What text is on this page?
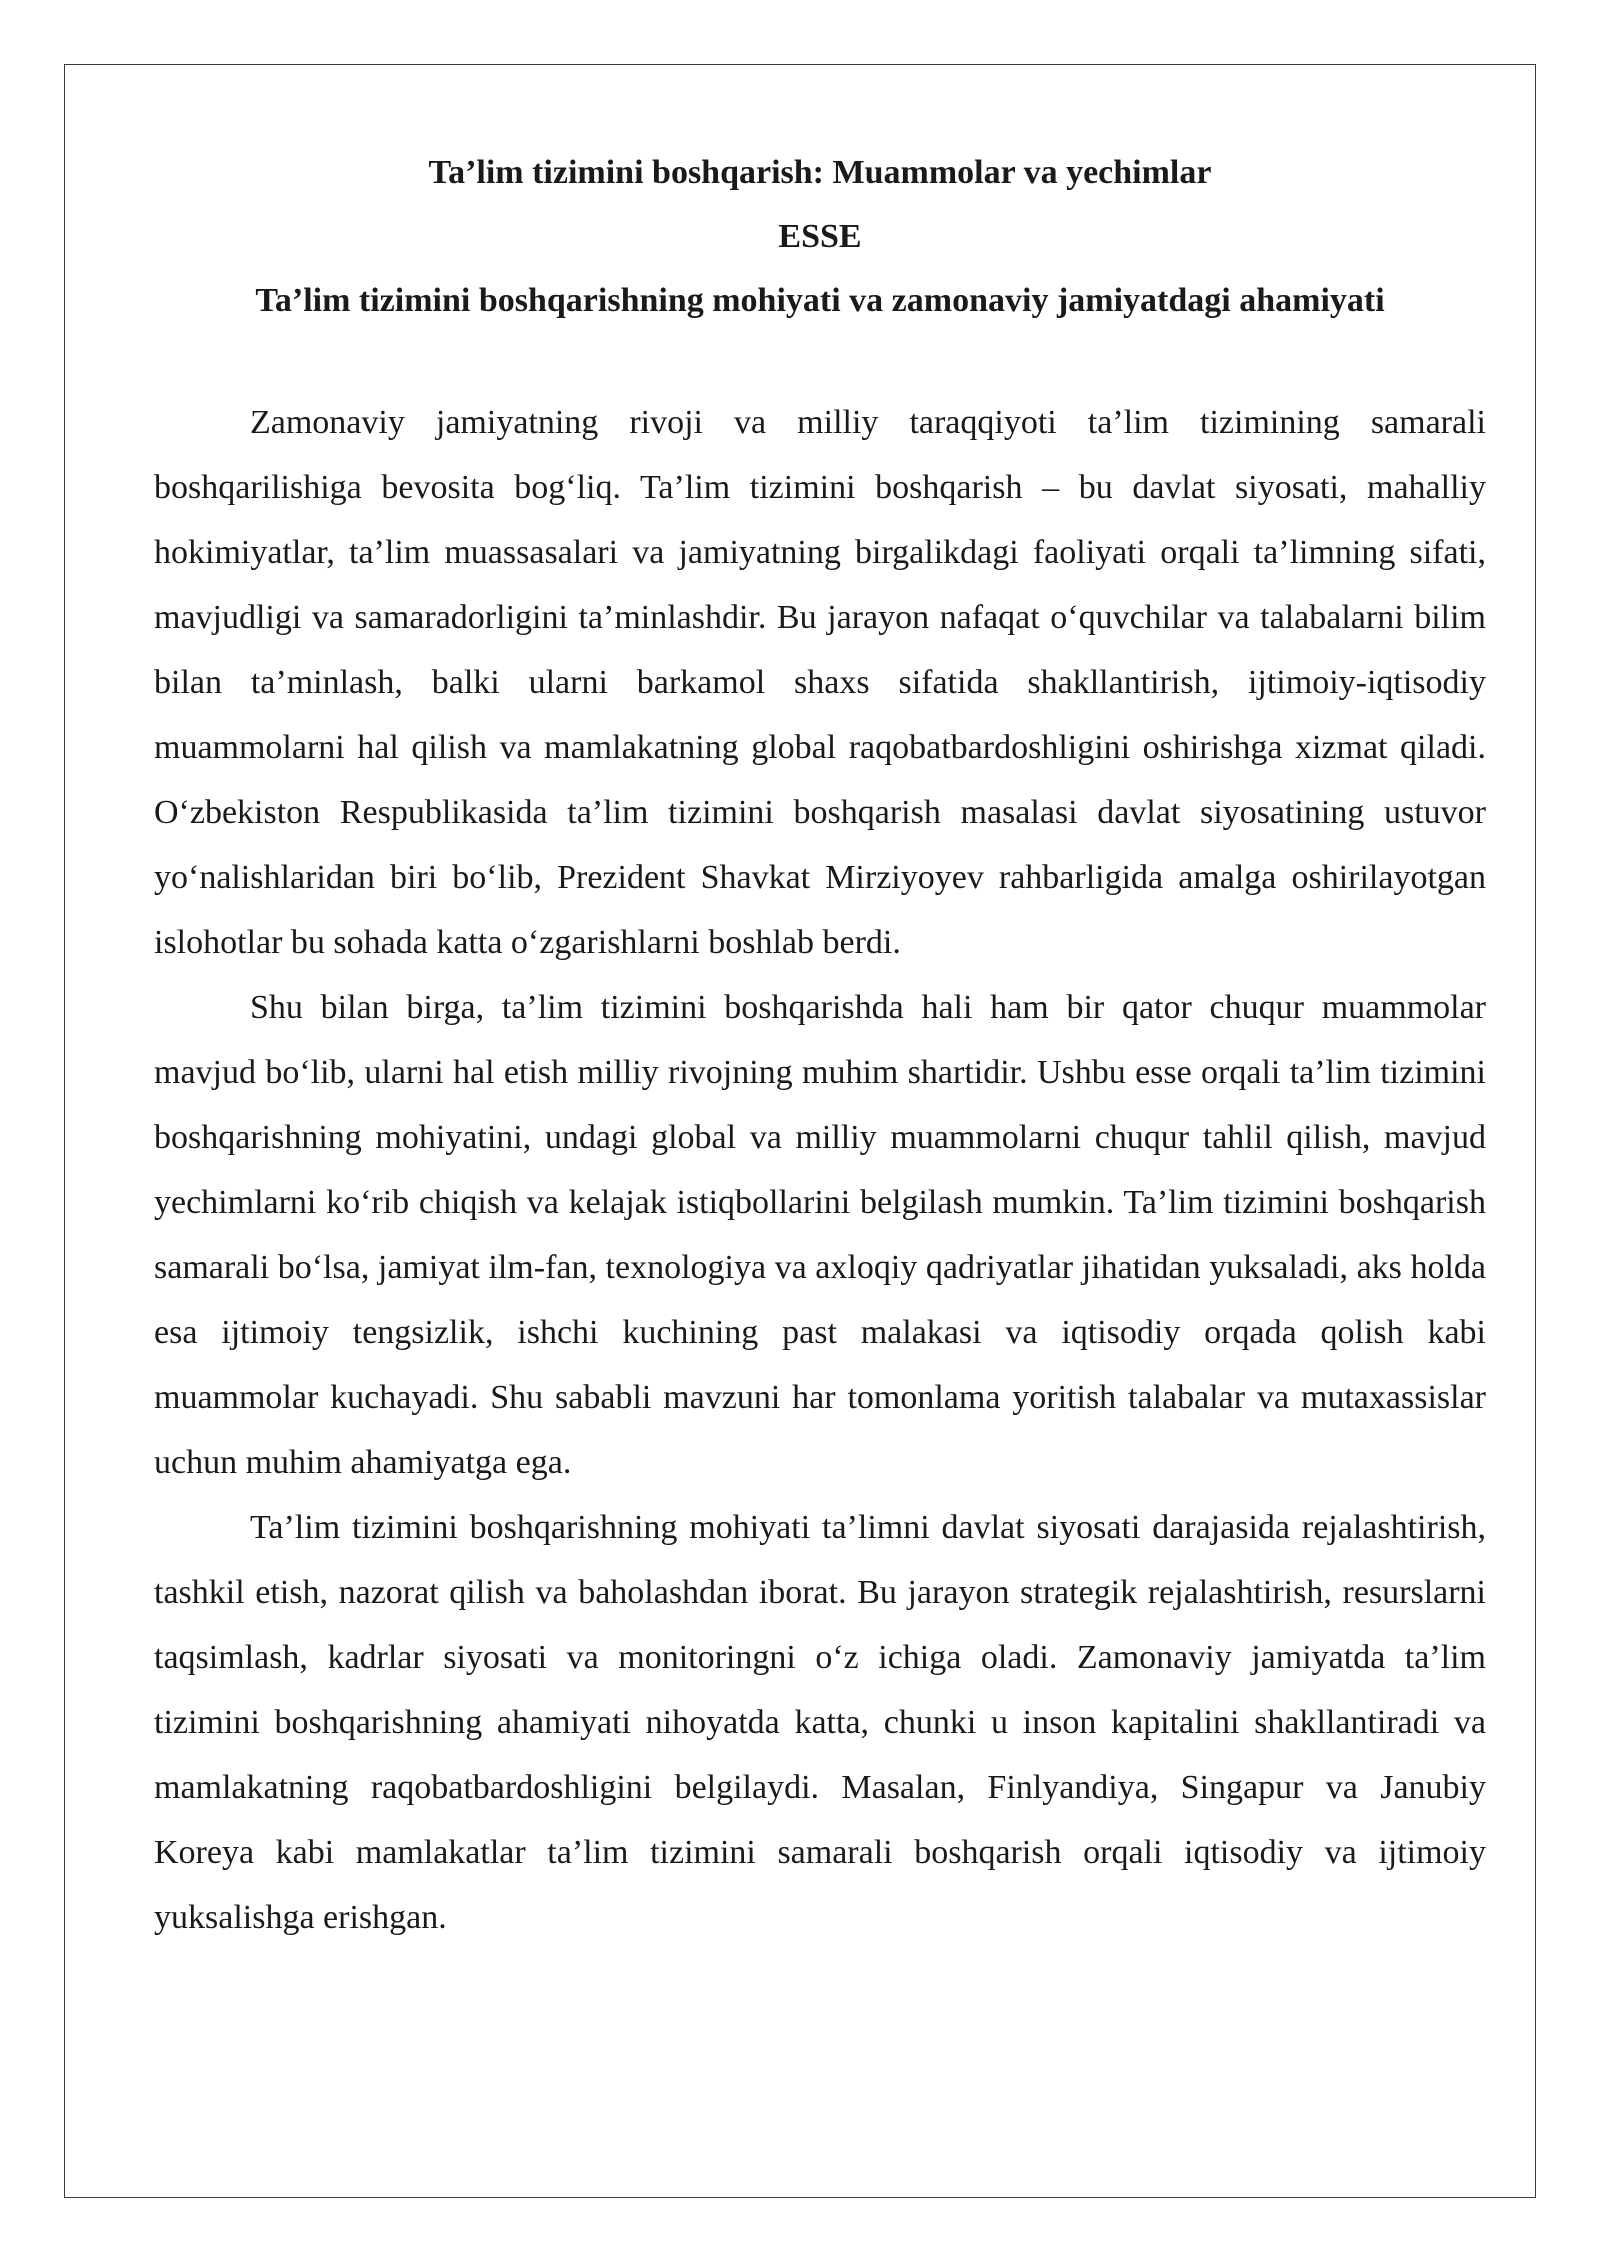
Ta’lim tizimini boshqarish: Muammolar va yechimlar
ESSE
Ta’lim tizimini boshqarishning mohiyati va zamonaviy jamiyatdagi ahamiyati

Zamonaviy jamiyatning rivoji va milliy taraqqiyoti ta’lim tizimining samarali boshqarilishiga bevosita bog‘liq. Ta’lim tizimini boshqarish – bu davlat siyosati, mahalliy hokimiyatlar, ta’lim muassasalari va jamiyatning birgalikdagi faoliyati orqali ta’limning sifati, mavjudligi va samaradorligini ta’minlashdir. Bu jarayon nafaqat o‘quvchilar va talabalarni bilim bilan ta’minlash, balki ularni barkamol shaxs sifatida shakllantirish, ijtimoiy-iqtisodiy muammolarni hal qilish va mamlakatning global raqobatbardoshligini oshirishga xizmat qiladi. O‘zbekiston Respublikasida ta’lim tizimini boshqarish masalasi davlat siyosatining ustuvor yo‘nalishlaridan biri bo‘lib, Prezident Shavkat Mirziyoyev rahbarligida amalga oshirilayotgan islohotlar bu sohada katta o‘zgarishlarni boshlab berdi.

Shu bilan birga, ta’lim tizimini boshqarishda hali ham bir qator chuqur muammolar mavjud bo‘lib, ularni hal etish milliy rivojning muhim shartidir. Ushbu esse orqali ta’lim tizimini boshqarishning mohiyatini, undagi global va milliy muammolarni chuqur tahlil qilish, mavjud yechimlarni ko‘rib chiqish va kelajak istiqbollarini belgilash mumkin. Ta’lim tizimini boshqarish samarali bo‘lsa, jamiyat ilm-fan, texnologiya va axloqiy qadriyatlar jihatidan yuksaladi, aks holda esa ijtimoiy tengsizlik, ishchi kuchining past malakasi va iqtisodiy orqada qolish kabi muammolar kuchayadi. Shu sababli mavzuni har tomonlama yoritish talabalar va mutaxassislar uchun muhim ahamiyatga ega.

Ta’lim tizimini boshqarishning mohiyati ta’limni davlat siyosati darajasida rejalashtirish, tashkil etish, nazorat qilish va baholashdan iborat. Bu jarayon strategik rejalashtirish, resurslarni taqsimlash, kadrlar siyosati va monitoringni o‘z ichiga oladi. Zamonaviy jamiyatda ta’lim tizimini boshqarishning ahamiyati nihoyatda katta, chunki u inson kapitalini shakllantiradi va mamlakatning raqobatbardoshligini belgilaydi. Masalan, Finlyandiya, Singapur va Janubiy Koreya kabi mamlakatlar ta’lim tizimini samarali boshqarish orqali iqtisodiy va ijtimoiy yuksalishga erishgan.
